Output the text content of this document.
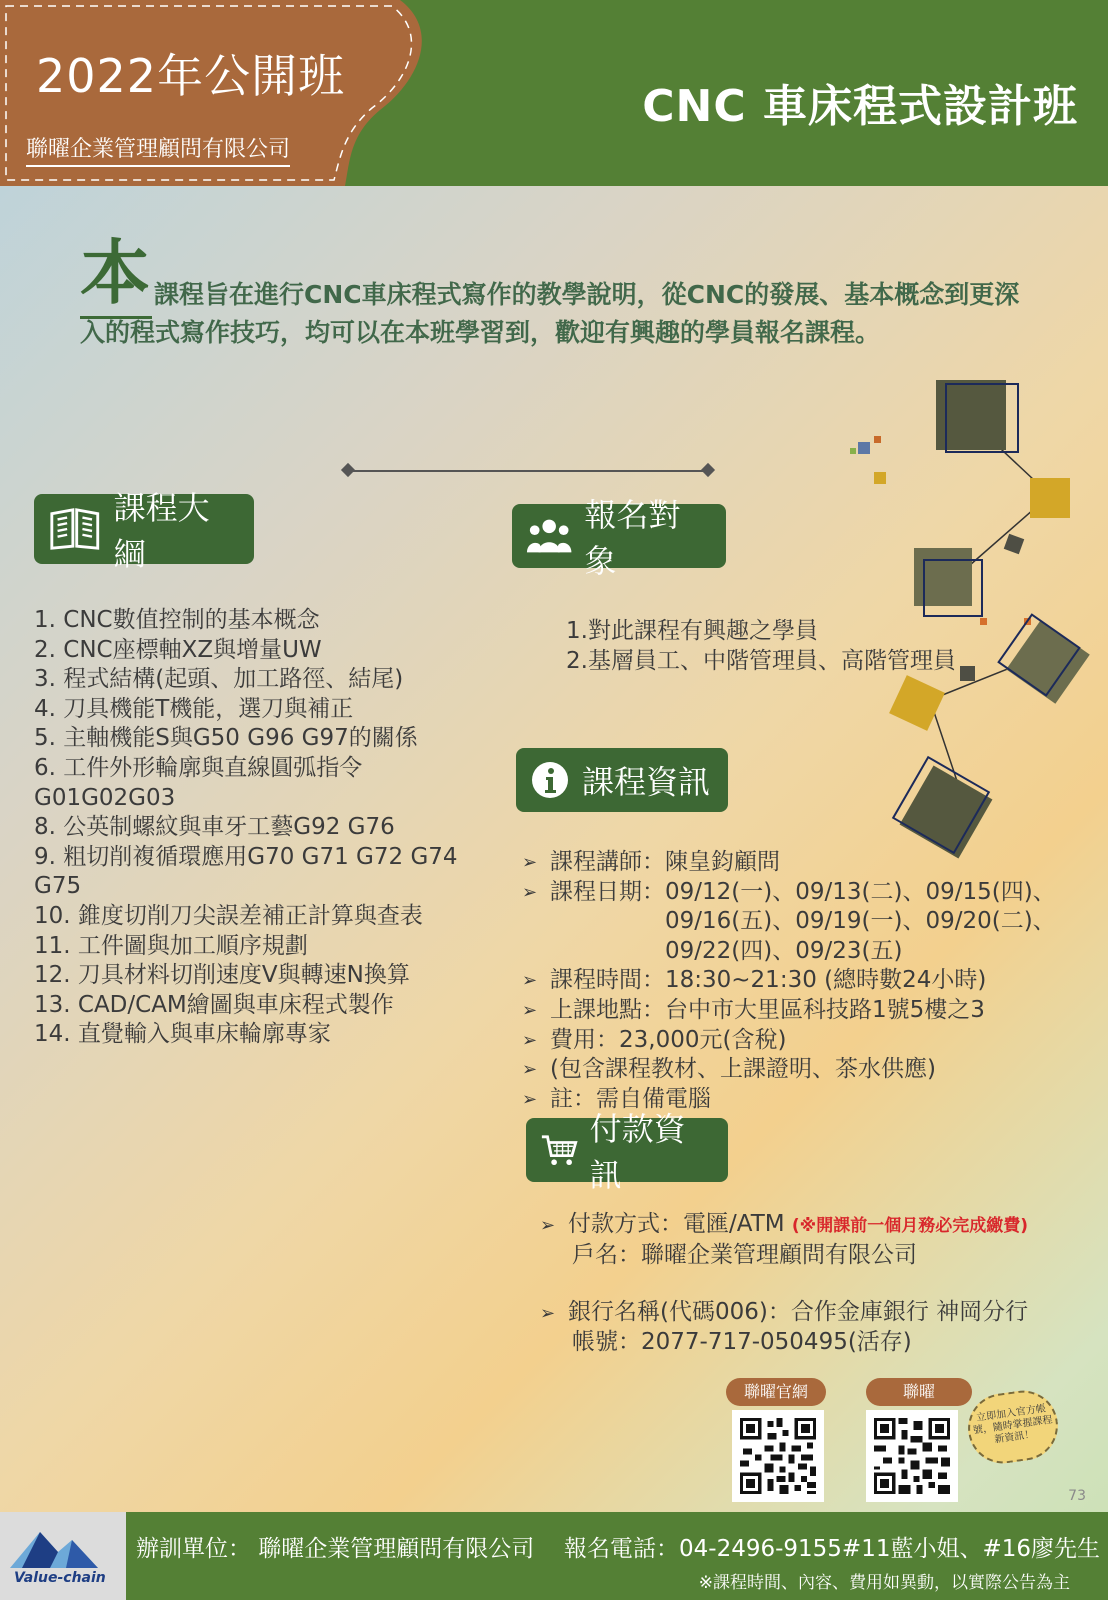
2022年公開班
聯曜企業管理顧問有限公司
CNC 車床程式設計班
本 課程旨在進行CNC車床程式寫作的教學說明，從CNC的發展、基本概念到更深入的程式寫作技巧，均可以在本班學習到，歡迎有興趣的學員報名課程。
課程大綱
1. CNC數值控制的基本概念
2. CNC座標軸XZ與增量UW
3. 程式結構(起頭、加工路徑、結尾)
4. 刀具機能T機能，選刀與補正
5. 主軸機能S與G50 G96 G97的關係
6. 工件外形輪廓與直線圓弧指令 G01G02G03
8. 公英制螺紋與車牙工藝G92 G76
9. 粗切削複循環應用G70 G71 G72 G74 G75
10. 錐度切削刀尖誤差補正計算與查表
11. 工件圖與加工順序規劃
12. 刀具材料切削速度V與轉速N換算
13. CAD/CAM繪圖與車床程式製作
14. 直覺輸入與車床輪廓專家
報名對象
1.對此課程有興趣之學員
2.基層員工、中階管理員、高階管理員
課程資訊
➢ 課程講師： 陳皇鈞顧問
➢ 課程日期： 09/12(一)、09/13(二)、09/15(四)、09/16(五)、09/19(一)、09/20(二)、09/22(四)、09/23(五)
➢ 課程時間： 18:30~21:30 (總時數24小時)
➢ 上課地點： 台中市大里區科技路1號5樓之3
➢ 費用： 23,000元(含稅)
➢ (包含課程教材、上課證明、茶水供應)
➢ 註： 需自備電腦
付款資訊
➢ 付款方式：電匯/ATM (※開課前一個月務必完成繳費)
戶名：聯曜企業管理顧問有限公司
➢ 銀行名稱(代碼006)：合作金庫銀行 神岡分行
帳號：2077-717-050495(活存)
聯曜官網	聯曜
立即加入官方帳號，隨時掌握課程新資訊！
73
Value-chain
辦訓單位： 聯曜企業管理顧問有限公司 報名電話：04-2496-9155#11藍小姐、#16廖先生
※課程時間、內容、費用如異動，以實際公告為主
